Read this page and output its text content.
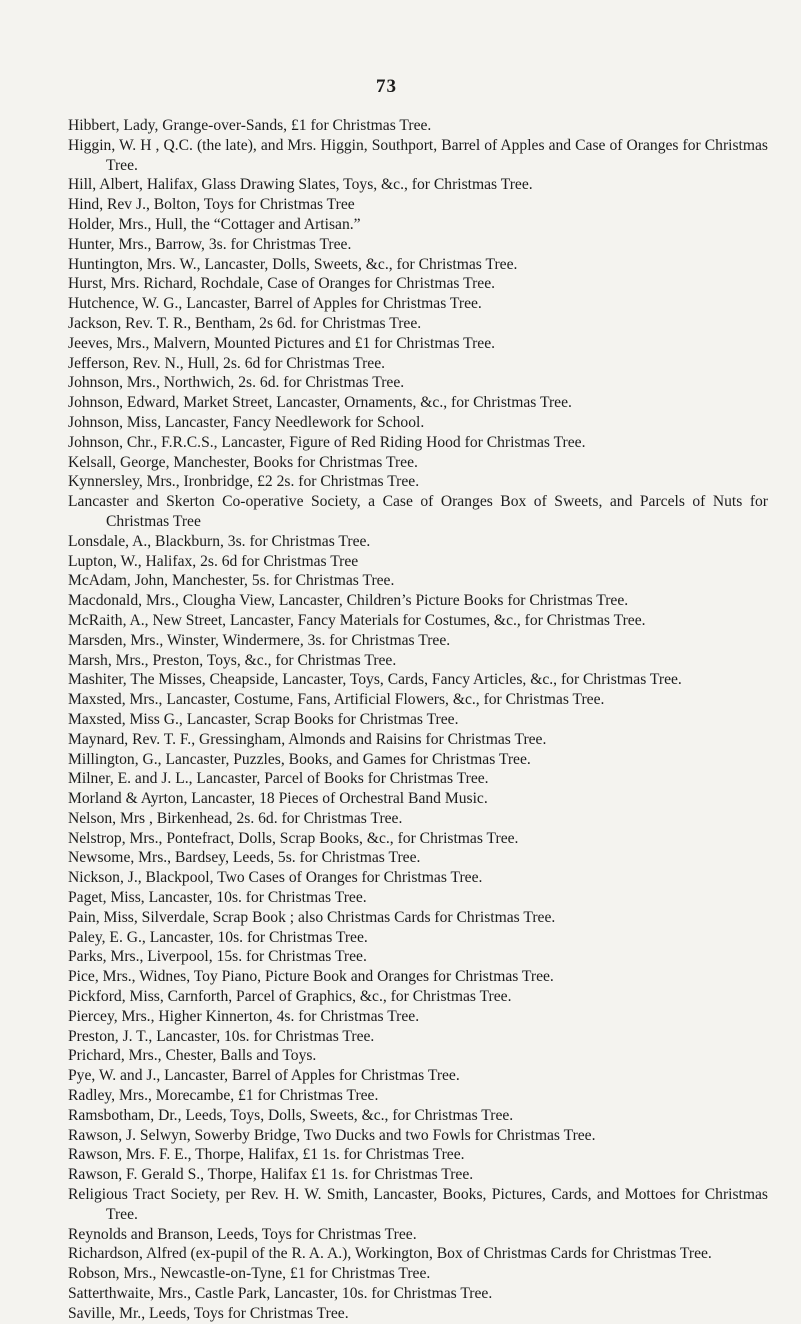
73
Hibbert, Lady, Grange-over-Sands, £1 for Christmas Tree.
Higgin, W. H , Q.C. (the late), and Mrs. Higgin, Southport, Barrel of Apples and Case of Oranges for Christmas Tree.
Hill, Albert, Halifax, Glass Drawing Slates, Toys, &c., for Christmas Tree.
Hind, Rev J., Bolton, Toys for Christmas Tree
Holder, Mrs., Hull, the “Cottager and Artisan.”
Hunter, Mrs., Barrow, 3s. for Christmas Tree.
Huntington, Mrs. W., Lancaster, Dolls, Sweets, &c., for Christmas Tree.
Hurst, Mrs. Richard, Rochdale, Case of Oranges for Christmas Tree.
Hutchence, W. G., Lancaster, Barrel of Apples for Christmas Tree.
Jackson, Rev. T. R., Bentham, 2s 6d. for Christmas Tree.
Jeeves, Mrs., Malvern, Mounted Pictures and £1 for Christmas Tree.
Jefferson, Rev. N., Hull, 2s. 6d for Christmas Tree.
Johnson, Mrs., Northwich, 2s. 6d. for Christmas Tree.
Johnson, Edward, Market Street, Lancaster, Ornaments, &c., for Christmas Tree.
Johnson, Miss, Lancaster, Fancy Needlework for School.
Johnson, Chr., F.R.C.S., Lancaster, Figure of Red Riding Hood for Christmas Tree.
Kelsall, George, Manchester, Books for Christmas Tree.
Kynnersley, Mrs., Ironbridge, £2 2s. for Christmas Tree.
Lancaster and Skerton Co-operative Society, a Case of Oranges Box of Sweets, and Parcels of Nuts for Christmas Tree
Lonsdale, A., Blackburn, 3s. for Christmas Tree.
Lupton, W., Halifax, 2s. 6d for Christmas Tree
McAdam, John, Manchester, 5s. for Christmas Tree.
Macdonald, Mrs., Clougha View, Lancaster, Children’s Picture Books for Christmas Tree.
McRaith, A., New Street, Lancaster, Fancy Materials for Costumes, &c., for Christmas Tree.
Marsden, Mrs., Winster, Windermere, 3s. for Christmas Tree.
Marsh, Mrs., Preston, Toys, &c., for Christmas Tree.
Mashiter, The Misses, Cheapside, Lancaster, Toys, Cards, Fancy Articles, &c., for Christmas Tree.
Maxsted, Mrs., Lancaster, Costume, Fans, Artificial Flowers, &c., for Christmas Tree.
Maxsted, Miss G., Lancaster, Scrap Books for Christmas Tree.
Maynard, Rev. T. F., Gressingham, Almonds and Raisins for Christmas Tree.
Millington, G., Lancaster, Puzzles, Books, and Games for Christmas Tree.
Milner, E. and J. L., Lancaster, Parcel of Books for Christmas Tree.
Morland & Ayrton, Lancaster, 18 Pieces of Orchestral Band Music.
Nelson, Mrs , Birkenhead, 2s. 6d. for Christmas Tree.
Nelstrop, Mrs., Pontefract, Dolls, Scrap Books, &c., for Christmas Tree.
Newsome, Mrs., Bardsey, Leeds, 5s. for Christmas Tree.
Nickson, J., Blackpool, Two Cases of Oranges for Christmas Tree.
Paget, Miss, Lancaster, 10s. for Christmas Tree.
Pain, Miss, Silverdale, Scrap Book ; also Christmas Cards for Christmas Tree.
Paley, E. G., Lancaster, 10s. for Christmas Tree.
Parks, Mrs., Liverpool, 15s. for Christmas Tree.
Pice, Mrs., Widnes, Toy Piano, Picture Book and Oranges for Christmas Tree.
Pickford, Miss, Carnforth, Parcel of Graphics, &c., for Christmas Tree.
Piercey, Mrs., Higher Kinnerton, 4s. for Christmas Tree.
Preston, J. T., Lancaster, 10s. for Christmas Tree.
Prichard, Mrs., Chester, Balls and Toys.
Pye, W. and J., Lancaster, Barrel of Apples for Christmas Tree.
Radley, Mrs., Morecambe, £1 for Christmas Tree.
Ramsbotham, Dr., Leeds, Toys, Dolls, Sweets, &c., for Christmas Tree.
Rawson, J. Selwyn, Sowerby Bridge, Two Ducks and two Fowls for Christmas Tree.
Rawson, Mrs. F. E., Thorpe, Halifax, £1 1s. for Christmas Tree.
Rawson, F. Gerald S., Thorpe, Halifax £1 1s. for Christmas Tree.
Religious Tract Society, per Rev. H. W. Smith, Lancaster, Books, Pictures, Cards, and Mottoes for Christmas Tree.
Reynolds and Branson, Leeds, Toys for Christmas Tree.
Richardson, Alfred (ex-pupil of the R. A. A.), Workington, Box of Christmas Cards for Christmas Tree.
Robson, Mrs., Newcastle-on-Tyne, £1 for Christmas Tree.
Satterthwaite, Mrs., Castle Park, Lancaster, 10s. for Christmas Tree.
Saville, Mr., Leeds, Toys for Christmas Tree.
